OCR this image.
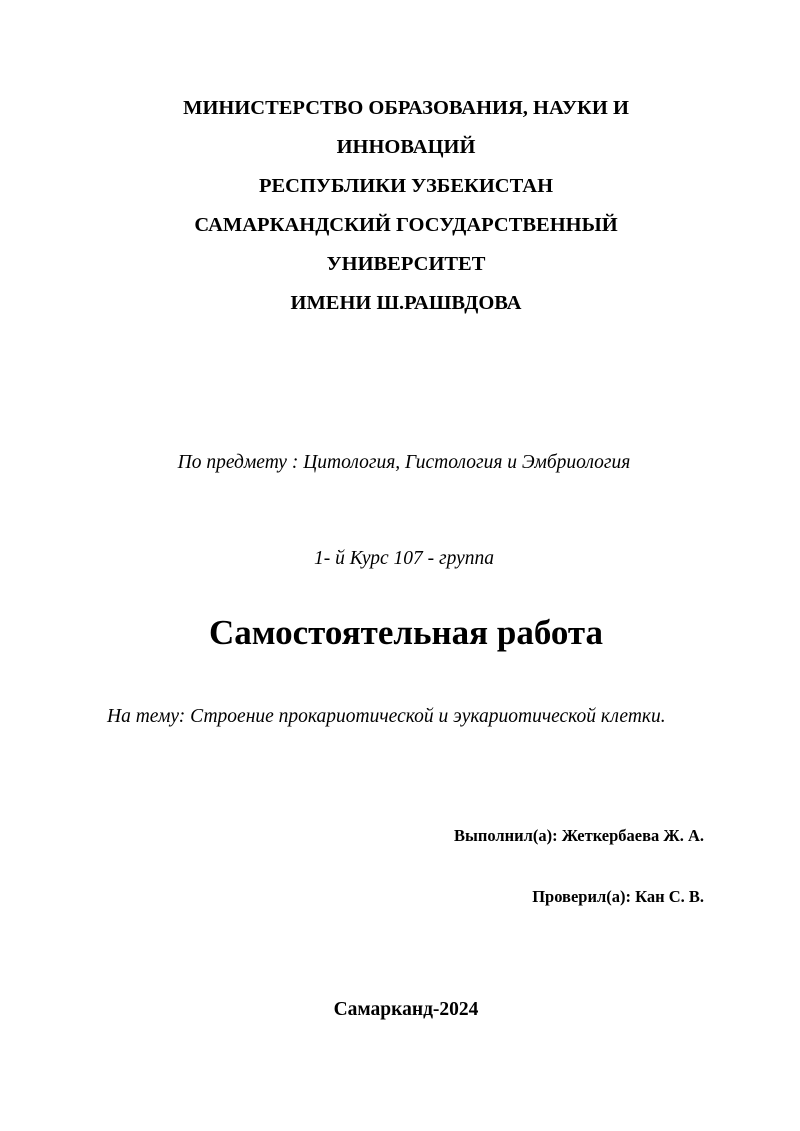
МИНИСТЕРСТВО ОБРАЗОВАНИЯ, НАУКИ И
ИННОВАЦИЙ
РЕСПУБЛИКИ УЗБЕКИСТАН
САМАРКАНДСКИЙ ГОСУДАРСТВЕННЫЙ
УНИВЕРСИТЕТ
ИМЕНИ Ш.РАШВДОВА
По предмету : Цитология, Гистология и Эмбриология
1- й Курс 107 - группа
Самостоятельная работа
На тему: Строение прокариотической и эукариотической клетки.
Выполнил(а): Жеткербаева Ж. А.
Проверил(а): Кан С. В.
Самарканд-2024
